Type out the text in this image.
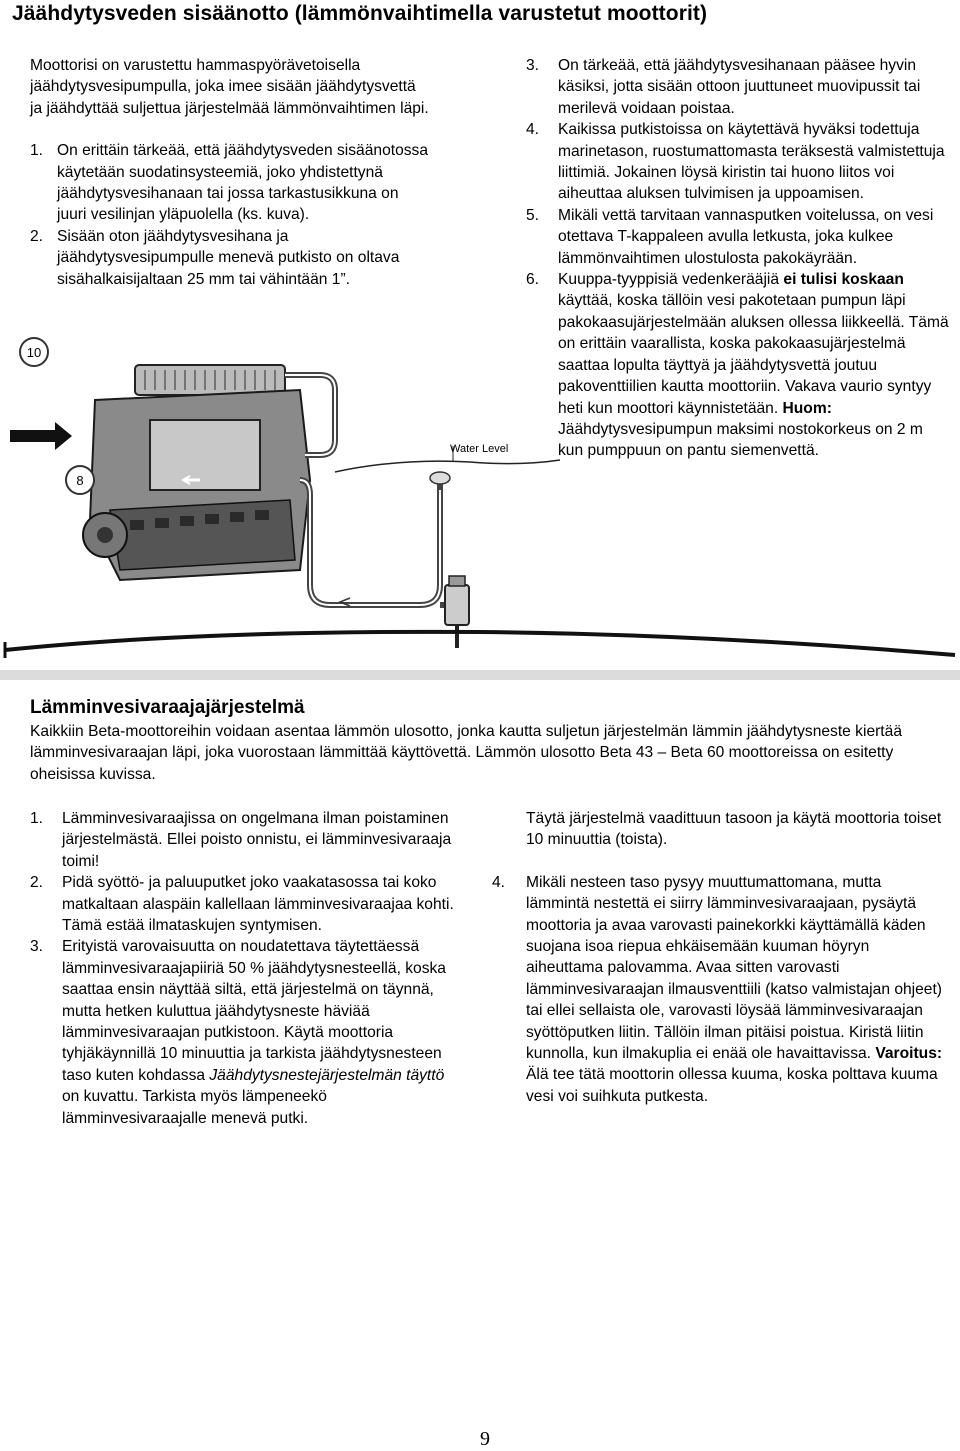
Jäähdytysveden sisäänotto (lämmönvaihtimella varustetut moottorit)

Moottorisi on varustettu hammaspyörävetoisella jäähdytysvesipumpulla, joka imee sisään jäähdytysvettä ja jäähdyttää suljettua järjestelmää lämmönvaihtimen läpi.

1. On erittäin tärkeää, että jäähdytysveden sisäänotossa käytetään suodatinsysteemiä, joko yhdistettynä jäähdytysvesihanaan tai jossa tarkastusikkuna on juuri vesilinjan yläpuolella (ks. kuva).
2. Sisään oton jäähdytysvesihana ja jäähdytysvesipumpulle menevä putkisto on oltava sisähalkaisijaltaan 25 mm tai vähintään 1”.
3. On tärkeää, että jäähdytysvesihanaan pääsee hyvin käsiksi, jotta sisään ottoon juuttuneet muovipussit tai merilevä voidaan poistaa.
4. Kaikissa putkistoissa on käytettävä hyväksi todettuja marinetason, ruostumattomasta teräksestä valmistettuja liittimiä. Jokainen löysä kiristin tai huono liitos voi aiheuttaa aluksen tulvimisen ja uppoamisen.
5. Mikäli vettä tarvitaan vannasputken voitelussa, on vesi otettava T-kappaleen avulla letkusta, joka kulkee lämmönvaihtimen ulostulosta pakokäyrään.
6. Kuuppa-tyyppisiä vedenkerääjiä ei tulisi koskaan käyttää, koska tällöin vesi pakotetaan pumpun läpi pakokaasujärjestelmään aluksen ollessa liikkeellä. Tämä on erittäin vaarallista, koska pakokaasujärjestelmä saattaa lopulta täyttyä ja jäähdytysvettä joutuu pakoventtiilien kautta moottoriin. Vakava vaurio syntyy heti kun moottori käynnistetään. Huom: Jäähdytysvesipumpun maksimi nostokorkeus on 2 m kun pumppuun on pantu siemenvettä.
10
8
Water Level
Lämminvesivaraajajärjestelmä

Kaikkiin Beta-moottoreihin voidaan asentaa lämmön ulosotto, jonka kautta suljetun järjestelmän lämmin jäähdytysneste kiertää lämminvesivaraajan läpi, joka vuorostaan lämmittää käyttövettä. Lämmön ulosotto Beta 43 – Beta 60 moottoreissa on esitetty oheisissa kuvissa.

1. Lämminvesivaraajissa on ongelmana ilman poistaminen järjestelmästä. Ellei poisto onnistu, ei lämminvesivaraaja toimi!
2. Pidä syöttö- ja paluuputket joko vaakatasossa tai koko matkaltaan alaspäin kallellaan lämminvesivaraajaa kohti. Tämä estää ilmataskujen syntymisen.
3. Erityistä varovaisuutta on noudatettava täytettäessä lämminvesivaraajapiiriä 50 % jäähdytysnesteellä, koska saattaa ensin näyttää siltä, että järjestelmä on täynnä, mutta hetken kuluttua jäähdytysneste häviää lämminvesivaraajan putkistoon. Käytä moottoria tyhjäkäynnillä 10 minuuttia ja tarkista jäähdytysnesteen taso kuten kohdassa Jäähdytysnestejärjestelmän täyttö on kuvattu. Tarkista myös lämpeneekö lämminvesivaraajalle menevä putki.

Täytä järjestelmä vaadittuun tasoon ja käytä moottoria toiset 10 minuuttia (toista).

4. Mikäli nesteen taso pysyy muuttumattomana, mutta lämmintä nestettä ei siirry lämminvesivaraajaan, pysäytä moottoria ja avaa varovasti painekorkki käyttämällä käden suojana isoa riepua ehkäisemään kuuman höyryn aiheuttama palovamma. Avaa sitten varovasti lämminvesivaraajan ilmausventtiili (katso valmistajan ohjeet) tai ellei sellaista ole, varovasti löysää lämminvesivaraajan syöttöputken liitin. Tällöin ilman pitäisi poistua. Kiristä liitin kunnolla, kun ilmakuplia ei enää ole havaittavissa. Varoitus: Älä tee tätä moottorin ollessa kuuma, koska polttava kuuma vesi voi suihkuta putkesta.
9
